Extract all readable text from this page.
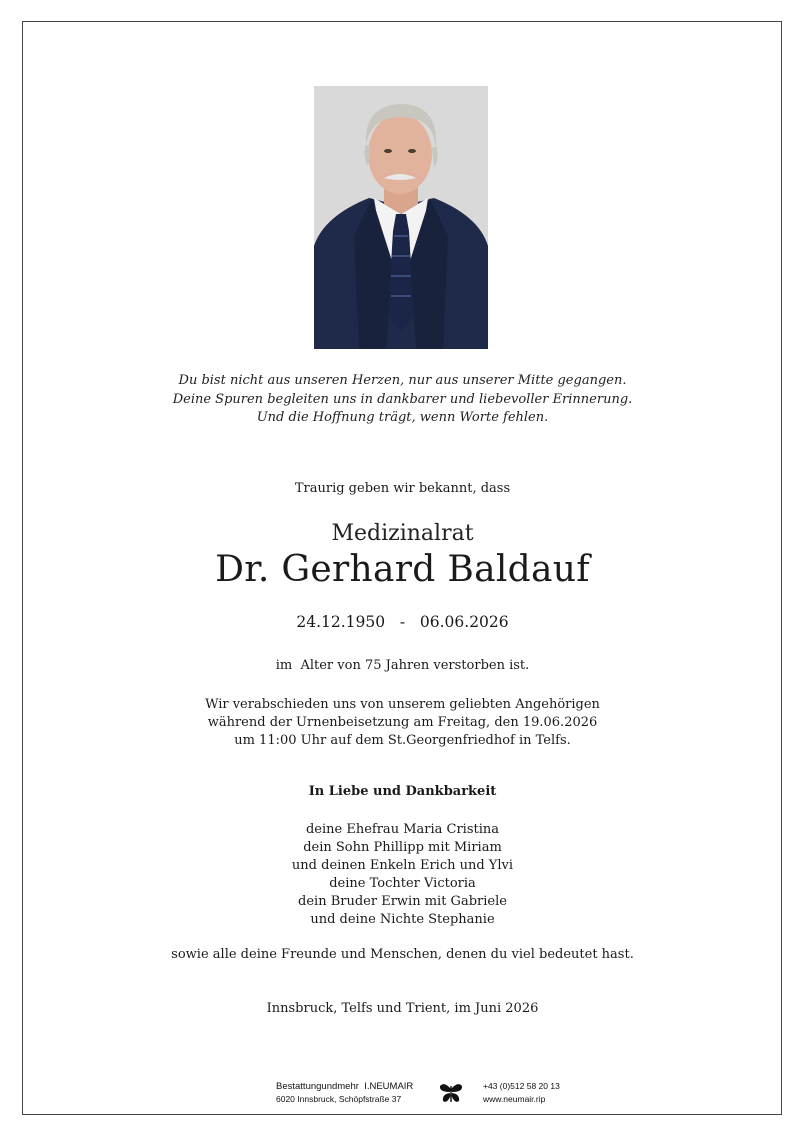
Du bist nicht aus unseren Herzen, nur aus unserer Mitte gegangen.
Deine Spuren begleiten uns in dankbarer und liebevoller Erinnerung.
Und die Hoffnung trägt, wenn Worte fehlen.
Traurig geben wir bekannt, dass
Medizinalrat
Dr. Gerhard Baldauf
24.12.1950   -   06.06.2026
im  Alter von 75 Jahren verstorben ist.
Wir verabschieden uns von unserem geliebten Angehörigen
während der Urnenbeisetzung am Freitag, den 19.06.2026
um 11:00 Uhr auf dem St.Georgenfriedhof in Telfs.
In Liebe und Dankbarkeit
deine Ehefrau Maria Cristina
dein Sohn Phillipp mit Miriam
und deinen Enkeln Erich und Ylvi
deine Tochter Victoria
dein Bruder Erwin mit Gabriele
und deine Nichte Stephanie
sowie alle deine Freunde und Menschen, denen du viel bedeutet hast.
Innsbruck, Telfs und Trient, im Juni 2026
Bestattungundmehr  I.NEUMAIR
6020 Innsbruck, Schöpfstraße 37
+43 (0)512 58 20 13
www.neumair.rip
